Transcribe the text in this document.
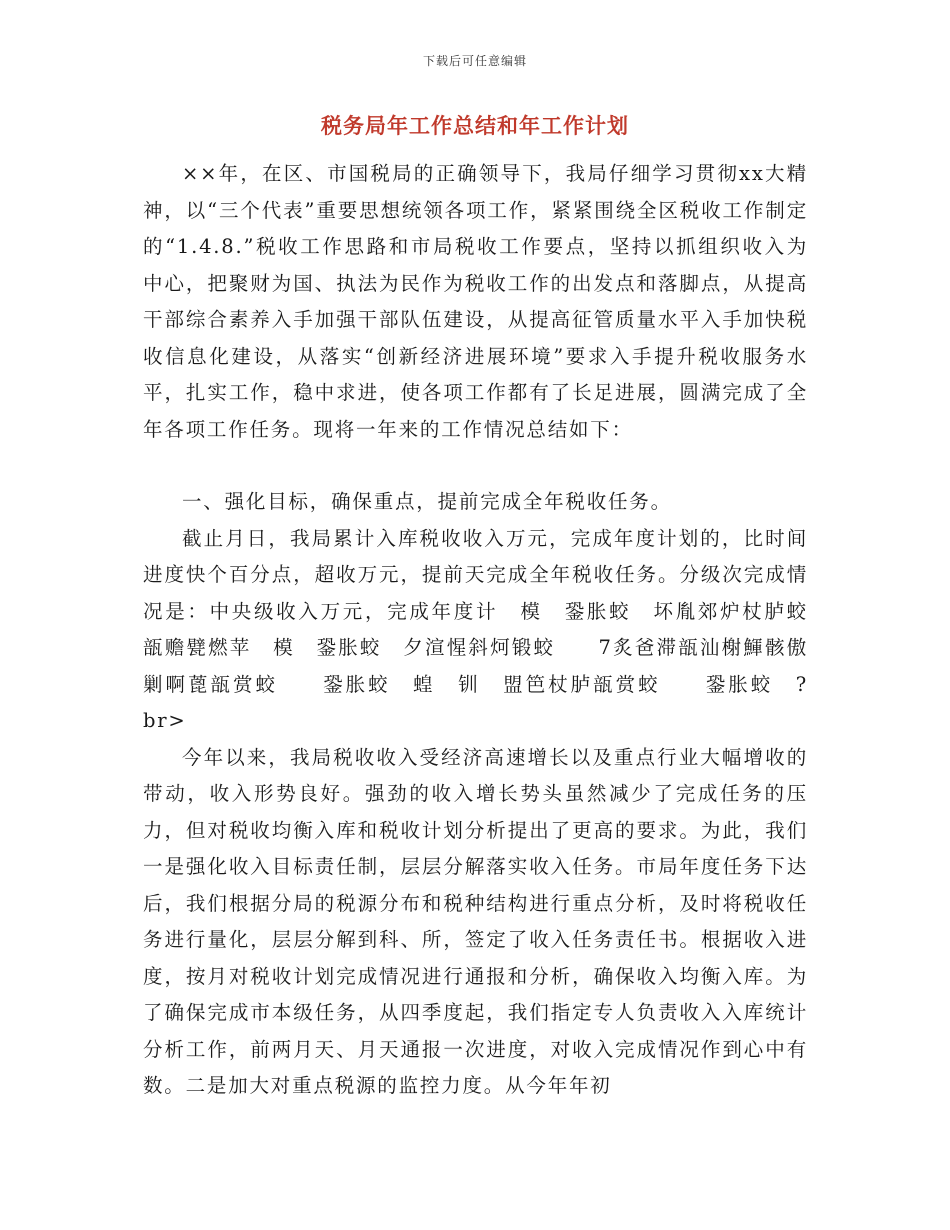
下载后可任意编辑
税务局年工作总结和年工作计划

××年，在区、市国税局的正确领导下，我局仔细学习贯彻xx大精神，以“三个代表”重要思想统领各项工作，紧紧围绕全区税收工作制定的“1.4.8.”税收工作思路和市局税收工作要点，坚持以抓组织收入为中心，把聚财为国、执法为民作为税收工作的出发点和落脚点，从提高干部综合素养入手加强干部队伍建设，从提高征管质量水平入手加快税收信息化建设，从落实“创新经济进展环境”要求入手提升税收服务水平，扎实工作，稳中求进，使各项工作都有了长足进展，圆满完成了全年各项工作任务。现将一年来的工作情况总结如下：

一、强化目标，确保重点，提前完成全年税收任务。

截止月日，我局累计入库税收收入万元，完成年度计划的，比时间进度快个百分点，超收万元，提前天完成全年税收任务。分级次完成情况是：中央级收入万元，完成年度计　模　銎胀蛟　坏胤郊炉杖胪蛟　　瓿赡甓燃苹　模　銎胀蛟　夕渲惺斜炣锻蛟　　7炙爸滞瓿汕榭鯶骸傲剿啊蓖瓿赏蛟　　銎胀蛟　蝗　钏　盟笆杖胪瓿赏蛟　　銎胀蛟　?br>

今年以来，我局税收收入受经济高速增长以及重点行业大幅增收的带动，收入形势良好。强劲的收入增长势头虽然减少了完成任务的压力，但对税收均衡入库和税收计划分析提出了更高的要求。为此，我们一是强化收入目标责任制，层层分解落实收入任务。市局年度任务下达后，我们根据分局的税源分布和税种结构进行重点分析，及时将税收任务进行量化，层层分解到科、所，签定了收入任务责任书。根据收入进度，按月对税收计划完成情况进行通报和分析，确保收入均衡入库。为了确保完成市本级任务，从四季度起，我们指定专人负责收入入库统计分析工作，前两月天、月天通报一次进度，对收入完成情况作到心中有数。二是加大对重点税源的监控力度。从今年年初
